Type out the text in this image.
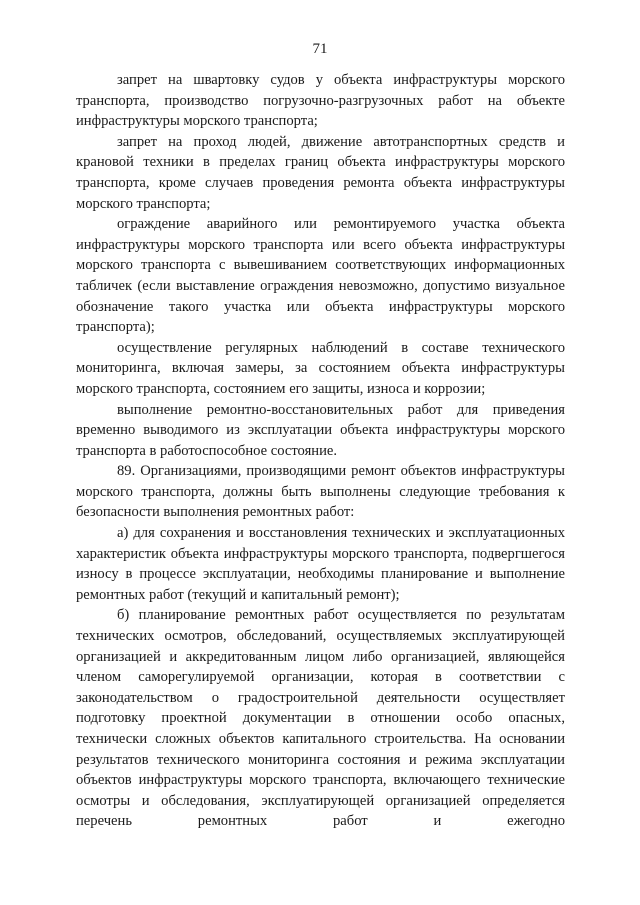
71

запрет на швартовку судов у объекта инфраструктуры морского транспорта, производство погрузочно-разгрузочных работ на объекте инфраструктуры морского транспорта;

запрет на проход людей, движение автотранспортных средств и крановой техники в пределах границ объекта инфраструктуры морского транспорта, кроме случаев проведения ремонта объекта инфраструктуры морского транспорта;

ограждение аварийного или ремонтируемого участка объекта инфраструктуры морского транспорта или всего объекта инфраструктуры морского транспорта с вывешиванием соответствующих информационных табличек (если выставление ограждения невозможно, допустимо визуальное обозначение такого участка или объекта инфраструктуры морского транспорта);

осуществление регулярных наблюдений в составе технического мониторинга, включая замеры, за состоянием объекта инфраструктуры морского транспорта, состоянием его защиты, износа и коррозии;

выполнение ремонтно-восстановительных работ для приведения временно выводимого из эксплуатации объекта инфраструктуры морского транспорта в работоспособное состояние.

89. Организациями, производящими ремонт объектов инфраструктуры морского транспорта, должны быть выполнены следующие требования к безопасности выполнения ремонтных работ:

а) для сохранения и восстановления технических и эксплуатационных характеристик объекта инфраструктуры морского транспорта, подвергшегося износу в процессе эксплуатации, необходимы планирование и выполнение ремонтных работ (текущий и капитальный ремонт);

б) планирование ремонтных работ осуществляется по результатам технических осмотров, обследований, осуществляемых эксплуатирующей организацией и аккредитованным лицом либо организацией, являющейся членом саморегулируемой организации, которая в соответствии с законодательством о градостроительной деятельности осуществляет подготовку проектной документации в отношении особо опасных, технически сложных объектов капитального строительства. На основании результатов технического мониторинга состояния и режима эксплуатации объектов инфраструктуры морского транспорта, включающего технические осмотры и обследования, эксплуатирующей организацией определяется перечень ремонтных работ и ежегодно
